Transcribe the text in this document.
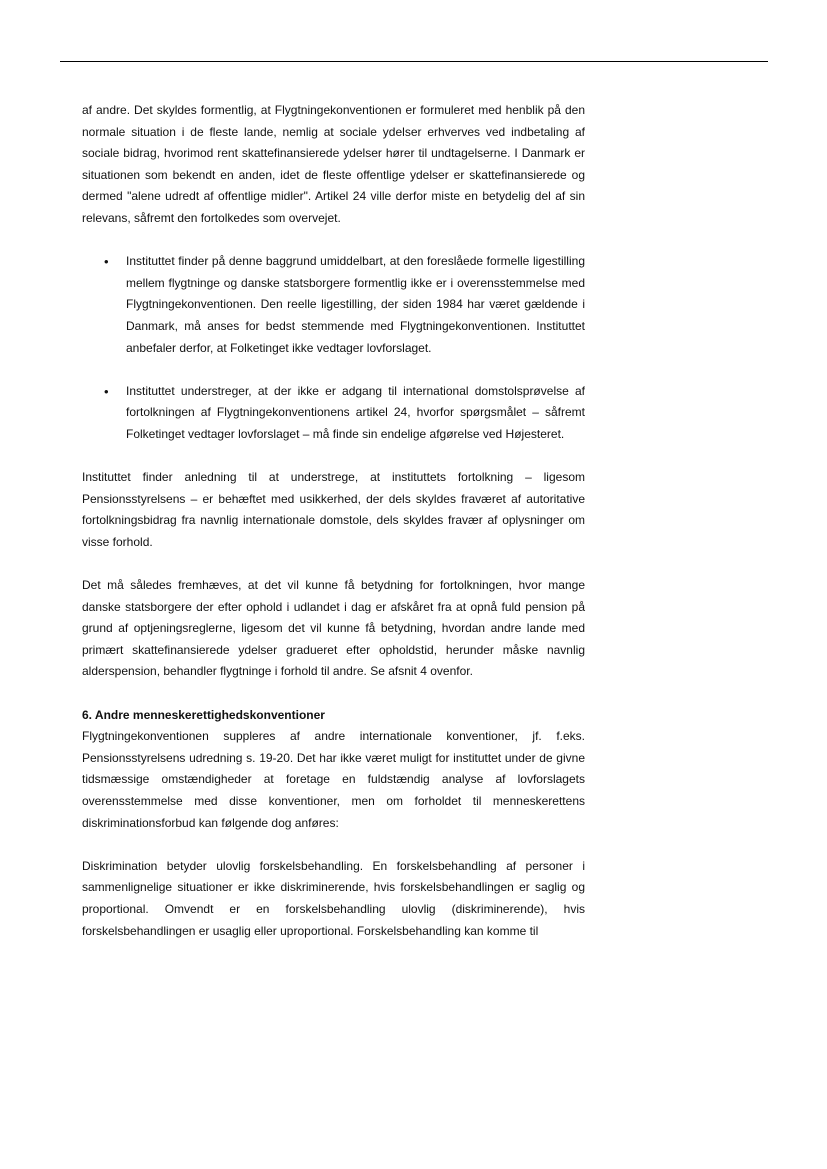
af andre. Det skyldes formentlig, at Flygtningekonventionen er formuleret med henblik på den normale situation i de fleste lande, nemlig at sociale ydelser erhverves ved indbetaling af sociale bidrag, hvorimod rent skattefinansierede ydelser hører til undtagelserne. I Danmark er situationen som bekendt en anden, idet de fleste offentlige ydelser er skattefinansierede og dermed "alene udredt af offentlige midler". Artikel 24 ville derfor miste en betydelig del af sin relevans, såfremt den fortolkedes som overvejet.

• Instituttet finder på denne baggrund umiddelbart, at den foreslåede formelle ligestilling mellem flygtninge og danske statsborgere formentlig ikke er i overensstemmelse med Flygtningekonventionen. Den reelle ligestilling, der siden 1984 har været gældende i Danmark, må anses for bedst stemmende med Flygtningekonventionen. Instituttet anbefaler derfor, at Folketinget ikke vedtager lovforslaget.
• Instituttet understreger, at der ikke er adgang til international domstolsprøvelse af fortolkningen af Flygtningekonventionens artikel 24, hvorfor spørgsmålet – såfremt Folketinget vedtager lovforslaget – må finde sin endelige afgørelse ved Højesteret.

Instituttet finder anledning til at understrege, at instituttets fortolkning – ligesom Pensionsstyrelsens – er behæftet med usikkerhed, der dels skyldes fraværet af autoritative fortolkningsbidrag fra navnlig internationale domstole, dels skyldes fravær af oplysninger om visse forhold.

Det må således fremhæves, at det vil kunne få betydning for fortolkningen, hvor mange danske statsborgere der efter ophold i udlandet i dag er afskåret fra at opnå fuld pension på grund af optjeningsreglerne, ligesom det vil kunne få betydning, hvordan andre lande med primært skattefinansierede ydelser gradueret efter opholdstid, herunder måske navnlig alderspension, behandler flygtninge i forhold til andre. Se afsnit 4 ovenfor.

6. Andre menneskerettighedskonventioner

Flygtningekonventionen suppleres af andre internationale konventioner, jf. f.eks. Pensionsstyrelsens udredning s. 19-20. Det har ikke været muligt for instituttet under de givne tidsmæssige omstændigheder at foretage en fuldstændig analyse af lovforslagets overensstemmelse med disse konventioner, men om forholdet til menneskerettens diskriminationsforbud kan følgende dog anføres:

Diskrimination betyder ulovlig forskelsbehandling. En forskelsbehandling af personer i sammenlignelige situationer er ikke diskriminerende, hvis forskelsbehandlingen er saglig og proportional. Omvendt er en forskelsbehandling ulovlig (diskriminerende), hvis forskelsbehandlingen er usaglig eller uproportional. Forskelsbehandling kan komme til
